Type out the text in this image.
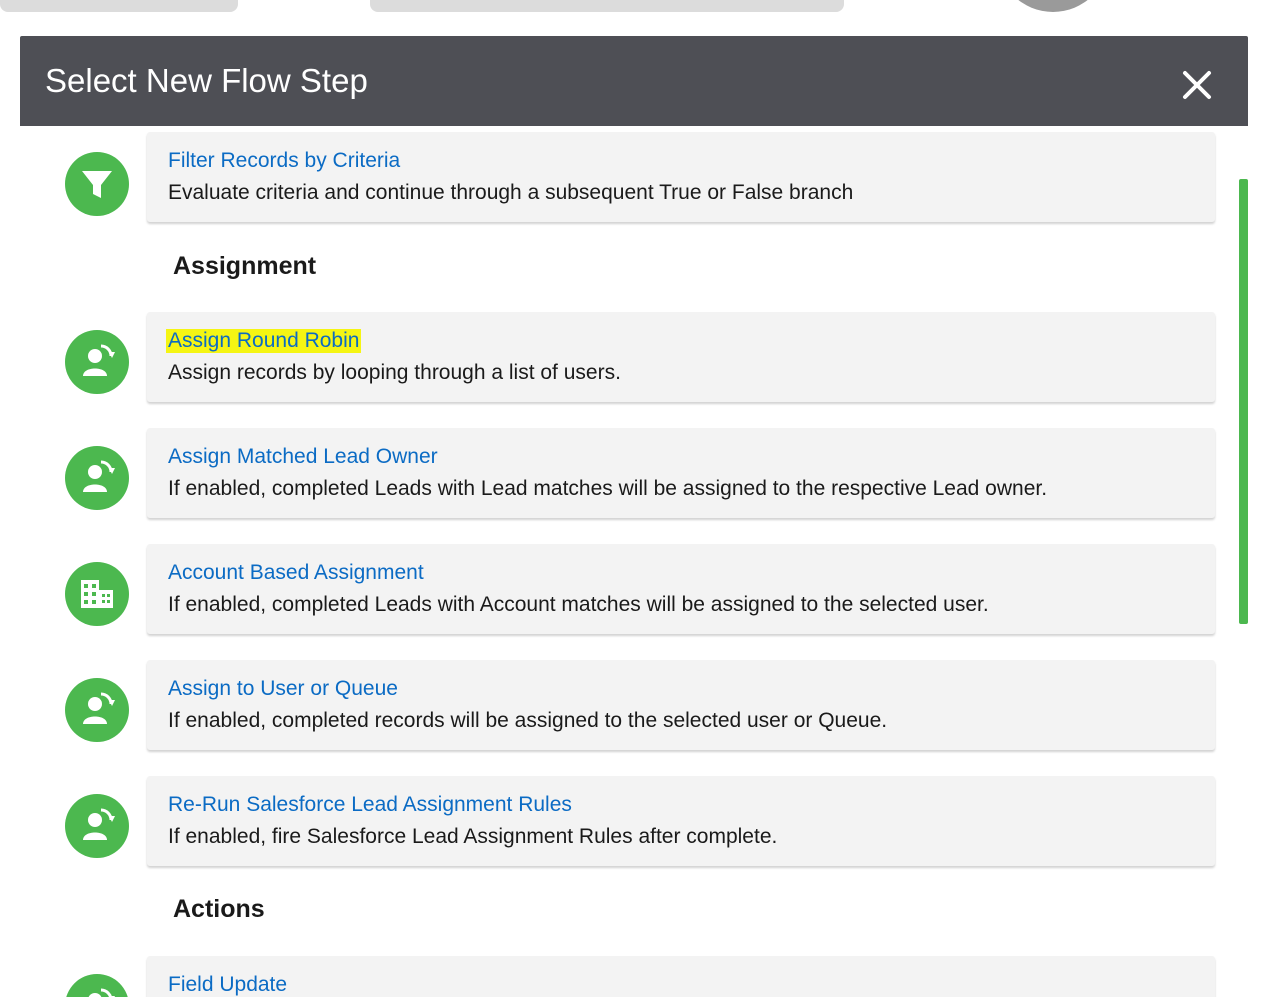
Select New Flow Step
Filter Records by Criteria
Evaluate criteria and continue through a subsequent True or False branch
Assignment
Assign Round Robin
Assign records by looping through a list of users.
Assign Matched Lead Owner
If enabled, completed Leads with Lead matches will be assigned to the respective Lead owner.
Account Based Assignment
If enabled, completed Leads with Account matches will be assigned to the selected user.
Assign to User or Queue
If enabled, completed records will be assigned to the selected user or Queue.
Re-Run Salesforce Lead Assignment Rules
If enabled, fire Salesforce Lead Assignment Rules after complete.
Actions
Field Update
